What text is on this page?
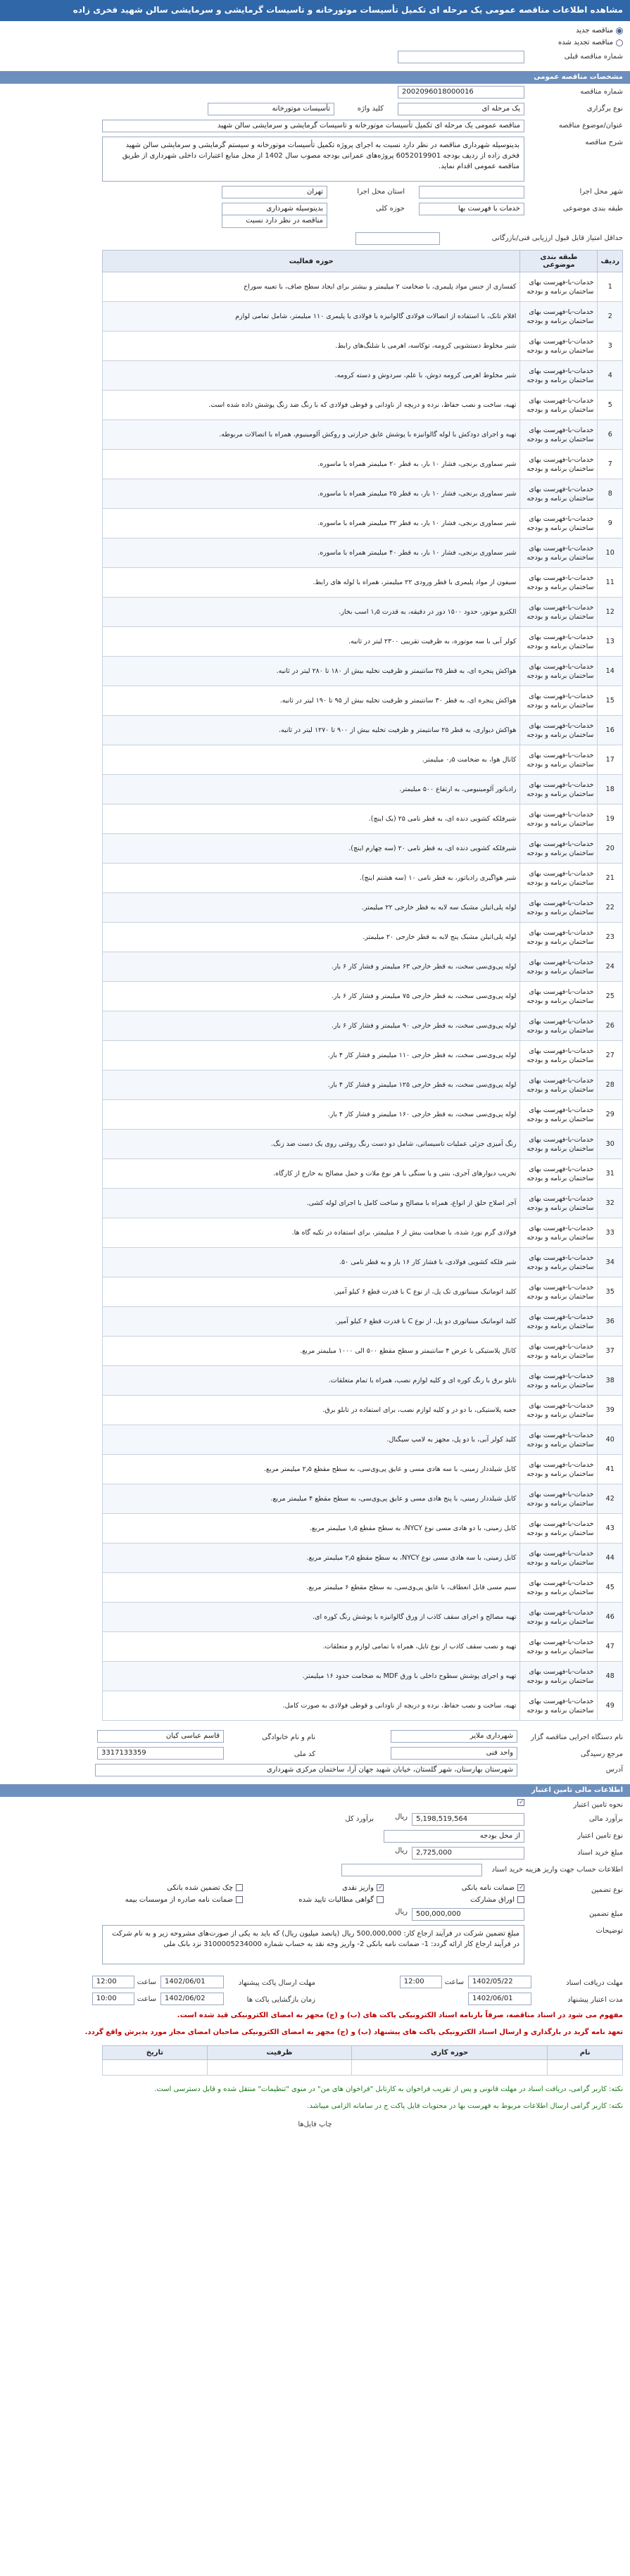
مشاهده اطلاعات مناقصه عمومی یک مرحله ای تکمیل تأسیسات موتورخانه و تاسیسات گرمایشی و سرمایشی سالن شهید فخری زاده
مناقصه جدید
مناقصه تجدید شده
شماره مناقصه قبلی
مشخصات مناقصه عمومی
شماره مناقصه
2002096018000016
نوع برگزاری
یک مرحله ای
کلید واژه
تأسیسات موتورخانه
عنوان/موضوع مناقصه
مناقصه عمومی یک مرحله ای تکمیل تأسیسات موتورخانه و تاسیسات گرمایشی و سرمایشی سالن شهید
شرح مناقصه
بدینوسیله شهرداری مناقصه در نظر دارد نسبت به اجرای پروژه تکمیل تأسیسات موتورخانه و سیستم گرمایشی و سرمایشی سالن شهید فخری زاده از ردیف بودجه 6052019901 پروژه‌های عمرانی بودجه مصوب سال 1402 از محل منابع اعتبارات داخلی شهرداری از طریق مناقصه عمومی اقدام نماید.
شهر محل اجرا
استان محل اجرا
تهران
طبقه بندی موضوعی
خدمات با فهرست بها
حوزه کلی
بدینوسیله شهرداری
مناقصه در نظر دارد نسبت
حداقل امتیاز قابل قبول ارزیابی فنی/بازرگانی
ردیف	طبقه بندی موضوعی	حوزه فعالیت
1	خدمات-با-فهرست بهای ساختمان برنامه و بودجه	کفسازی از جنس مواد پلیمری، با ضخامت ۲ میلیمتر و بیشتر برای ایجاد سطح صاف، با تعبیه سوراخ
2	خدمات-با-فهرست بهای ساختمان برنامه و بودجه	اقلام تانک، با استفاده از اتصالات فولادی گالوانیزه یا فولادی یا پلیمری ۱۱۰ میلیمتر، شامل تمامی لوازم
3	خدمات-با-فهرست بهای ساختمان برنامه و بودجه	شیر مخلوط دستشویی کرومه، توکاسه، اهرمی با شلنگ‌های رابط.
4	خدمات-با-فهرست بهای ساختمان برنامه و بودجه	شیر مخلوط اهرمی کرومه دوش، با علم، سردوش و دسته کرومه.
5	خدمات-با-فهرست بهای ساختمان برنامه و بودجه	تهیه، ساخت و نصب حفاظ، نرده و دریچه از ناودانی و قوطی فولادی که با رنگ ضد زنگ پوشش داده شده است.
6	خدمات-با-فهرست بهای ساختمان برنامه و بودجه	تهیه و اجرای دودکش با لوله گالوانیزه با پوشش عایق حرارتی و روکش آلومینیوم، همراه با اتصالات مربوطه.
7	خدمات-با-فهرست بهای ساختمان برنامه و بودجه	شیر سماوری برنجی، فشار ۱۰ بار، به قطر ۲۰ میلیمتر همراه با ماسوره.
8	خدمات-با-فهرست بهای ساختمان برنامه و بودجه	شیر سماوری برنجی، فشار ۱۰ بار، به قطر ۲۵ میلیمتر همراه با ماسوره.
9	خدمات-با-فهرست بهای ساختمان برنامه و بودجه	شیر سماوری برنجی، فشار ۱۰ بار، به قطر ۳۲ میلیمتر همراه با ماسوره.
10	خدمات-با-فهرست بهای ساختمان برنامه و بودجه	شیر سماوری برنجی، فشار ۱۰ بار، به قطر ۴۰ میلیمتر همراه با ماسوره.
11	خدمات-با-فهرست بهای ساختمان برنامه و بودجه	سیفون از مواد پلیمری با قطر ورودی ۲۲ میلیمتر، همراه با لوله های رابط.
12	خدمات-با-فهرست بهای ساختمان برنامه و بودجه	الکترو موتور، حدود ۱۵۰۰ دور در دقیقه، به قدرت ۱٫۵ اسب بخار.
13	خدمات-با-فهرست بهای ساختمان برنامه و بودجه	کولر آبی با سه موتوره، به ظرفیت تقریبی ۲۳۰۰ لیتر در ثانیه.
14	خدمات-با-فهرست بهای ساختمان برنامه و بودجه	هواکش پنجره ای، به قطر ۲۵ سانتیمتر و ظرفیت تخلیه بیش از ۱۸۰ تا ۲۸۰ لیتر در ثانیه.
15	خدمات-با-فهرست بهای ساختمان برنامه و بودجه	هواکش پنجره ای، به قطر ۳۰ سانتیمتر و ظرفیت تخلیه بیش از ۹۵ تا ۱۹۰ لیتر در ثانیه.
16	خدمات-با-فهرست بهای ساختمان برنامه و بودجه	هواکش دیواری، به قطر ۲۵ سانتیمتر و ظرفیت تخلیه بیش از ۹۰۰ تا ۱۲۷۰ لیتر در ثانیه.
17	خدمات-با-فهرست بهای ساختمان برنامه و بودجه	کانال هوا، به ضخامت ۰٫۵ میلیمتر.
18	خدمات-با-فهرست بهای ساختمان برنامه و بودجه	رادیاتور آلومینیومی، به ارتفاع ۵۰۰ میلیمتر.
19	خدمات-با-فهرست بهای ساختمان برنامه و بودجه	شیرفلکه کشویی دنده ای، به قطر نامی ۲۵ (یک اینچ).
20	خدمات-با-فهرست بهای ساختمان برنامه و بودجه	شیرفلکه کشویی دنده ای، به قطر نامی ۲۰ (سه چهارم اینچ).
21	خدمات-با-فهرست بهای ساختمان برنامه و بودجه	شیر هواگیری رادیاتور، به قطر نامی ۱۰ (سه هشتم اینچ).
22	خدمات-با-فهرست بهای ساختمان برنامه و بودجه	لوله پلی‌اتیلن مشبک سه لایه به قطر خارجی ۲۲ میلیمتر.
23	خدمات-با-فهرست بهای ساختمان برنامه و بودجه	لوله پلی‌اتیلن مشبک پنج لایه به قطر خارجی ۲۰ میلیمتر.
24	خدمات-با-فهرست بهای ساختمان برنامه و بودجه	لوله پی‌وی‌سی سخت، به قطر خارجی ۶۳ میلیمتر و فشار کار ۶ بار.
25	خدمات-با-فهرست بهای ساختمان برنامه و بودجه	لوله پی‌وی‌سی سخت، به قطر خارجی ۷۵ میلیمتر و فشار کار ۶ بار.
26	خدمات-با-فهرست بهای ساختمان برنامه و بودجه	لوله پی‌وی‌سی سخت، به قطر خارجی ۹۰ میلیمتر و فشار کار ۶ بار.
27	خدمات-با-فهرست بهای ساختمان برنامه و بودجه	لوله پی‌وی‌سی سخت، به قطر خارجی ۱۱۰ میلیمتر و فشار کار ۴ بار.
28	خدمات-با-فهرست بهای ساختمان برنامه و بودجه	لوله پی‌وی‌سی سخت، به قطر خارجی ۱۲۵ میلیمتر و فشار کار ۴ بار.
29	خدمات-با-فهرست بهای ساختمان برنامه و بودجه	لوله پی‌وی‌سی سخت، به قطر خارجی ۱۶۰ میلیمتر و فشار کار ۴ بار.
30	خدمات-با-فهرست بهای ساختمان برنامه و بودجه	رنگ آمیزی جزئی عملیات تاسیساتی، شامل دو دست رنگ روغنی روی یک دست ضد زنگ.
31	خدمات-با-فهرست بهای ساختمان برنامه و بودجه	تخریب دیوارهای آجری، بتنی و یا سنگی با هر نوع ملات و حمل مصالح به خارج از کارگاه.
32	خدمات-با-فهرست بهای ساختمان برنامه و بودجه	آجر اصلاح حلق از انواع، همراه با مصالح و ساخت کامل با اجرای لوله کشی.
33	خدمات-با-فهرست بهای ساختمان برنامه و بودجه	فولادی گرم نورد شده، با ضخامت بیش از ۶ میلیمتر، برای استفاده در تکیه گاه ها.
34	خدمات-با-فهرست بهای ساختمان برنامه و بودجه	شیر فلکه کشویی فولادی، با فشار کار ۱۶ بار و به قطر نامی ۵۰.
35	خدمات-با-فهرست بهای ساختمان برنامه و بودجه	کلید اتوماتیک مینیاتوری تک پل، از نوع C با قدرت قطع ۶ کیلو آمپر.
36	خدمات-با-فهرست بهای ساختمان برنامه و بودجه	کلید اتوماتیک مینیاتوری دو پل، از نوع C با قدرت قطع ۶ کیلو آمپر.
37	خدمات-با-فهرست بهای ساختمان برنامه و بودجه	کانال پلاستیکی با عرض ۴ سانتیمتر و سطح مقطع ۵۰۰ الی ۱۰۰۰ میلیمتر مربع.
38	خدمات-با-فهرست بهای ساختمان برنامه و بودجه	تابلو برق با رنگ کوره ای و کلیه لوازم نصب، همراه با تمام متعلقات.
39	خدمات-با-فهرست بهای ساختمان برنامه و بودجه	جعبه پلاستیکی، با دو در و کلیه لوازم نصب، برای استفاده در تابلو برق.
40	خدمات-با-فهرست بهای ساختمان برنامه و بودجه	کلید کولر آبی، با دو پل، مجهز به لامپ سیگنال.
41	خدمات-با-فهرست بهای ساختمان برنامه و بودجه	کابل شیلددار زمینی، با سه هادی مسی و عایق پی‌وی‌سی، به سطح مقطع ۲٫۵ میلیمتر مربع.
42	خدمات-با-فهرست بهای ساختمان برنامه و بودجه	کابل شیلددار زمینی، با پنج هادی مسی و عایق پی‌وی‌سی، به سطح مقطع ۴ میلیمتر مربع.
43	خدمات-با-فهرست بهای ساختمان برنامه و بودجه	کابل زمینی، با دو هادی مسی نوع NYCY، به سطح مقطع ۱٫۵ میلیمتر مربع.
44	خدمات-با-فهرست بهای ساختمان برنامه و بودجه	کابل زمینی، با سه هادی مسی نوع NYCY، به سطح مقطع ۲٫۵ میلیمتر مربع.
45	خدمات-با-فهرست بهای ساختمان برنامه و بودجه	سیم مسی قابل انعطاف، با عایق پی‌وی‌سی، به سطح مقطع ۶ میلیمتر مربع.
46	خدمات-با-فهرست بهای ساختمان برنامه و بودجه	تهیه مصالح و اجرای سقف کاذب از ورق گالوانیزه با پوشش رنگ کوره ای.
47	خدمات-با-فهرست بهای ساختمان برنامه و بودجه	تهیه و نصب سقف کاذب از نوع تایل، همراه با تمامی لوازم و متعلقات.
48	خدمات-با-فهرست بهای ساختمان برنامه و بودجه	تهیه و اجرای پوشش سطوح داخلی با ورق MDF به ضخامت حدود ۱۶ میلیمتر.
49	خدمات-با-فهرست بهای ساختمان برنامه و بودجه	تهیه، ساخت و نصب حفاظ، نرده و دریچه از ناودانی و قوطی فولادی به صورت کامل.
نام دستگاه اجرایی مناقصه گزار
شهرداری ملایر
نام و نام خانوادگی
قاسم عباسی کیان
مرجع رسیدگی
واحد فنی
کد ملی
3317133359
آدرس
شهرستان بهارستان، شهر گلستان، خیابان شهید جهان آرا، ساختمان مرکزی شهرداری
اطلاعات مالی تامین اعتبار
نحوه تامین اعتبار
✓
برآورد مالی
5,198,519,564
ریال
برآورد کل
نوع تامین اعتبار
از محل بودجه
مبلغ خرید اسناد
2,725,000
ریال
اطلاعات حساب جهت واریز هزینه خرید اسناد
نوع تضمین
✓ضمانت نامه بانکی
✓واریز نقدی
چک تضمین شده بانکی
اوراق مشارکت
گواهی مطالبات تایید شده
ضمانت نامه صادره از موسسات بیمه
مبلغ تضمین
500,000,000
ریال
توضیحات
مبلغ تضمین شرکت در فرآیند ارجاع کار: 500,000,000 ریال (پانصد میلیون ریال) که باید به یکی از صورت‌های مشروحه زیر و به نام شرکت در فرآیند ارجاع کار ارائه گردد: 1- ضمانت نامه بانکی 2- واریز وجه نقد به حساب شماره 3100005234000 نزد بانک ملی
مهلت دریافت اسناد
1402/05/22
ساعت
12:00
مهلت ارسال پاکت پیشنهاد
1402/06/01
ساعت
12:00
مدت اعتبار پیشنهاد
1402/06/01
زمان بازگشایی پاکت ها
1402/06/02
ساعت
10:00
مفهوم می شود در اسناد مناقصه، صرفاً بارنامه اسناد الکترونیکی پاکت های (ب) و (ج) مجهز به امضای الکترونیکی قید شده است.
تعهد نامه گزید در بارگذاری و ارسال اسناد الکترونیکی پاکت های پیشنهاد (ب) و (ج) مجهز به امضای الکترونیکی صاحبان امضای مجاز مورد پذیرش واقع گردد.
نام	حوزه کاری	ظرفیت	تاریخ

نکته: کاربر گرامی، دریافت اسناد در مهلت قانونی و پس از تقریب فراخوان به کارتابل "فراخوان های من" در منوی "تنظیمات" منتقل شده و قابل دسترسی است.
نکته: کاربر گرامی ارسال اطلاعات مربوط به فهرست بها در محتویات فایل پاکت ج در سامانه الزامی میباشد.
چاپ فایل‌ها
